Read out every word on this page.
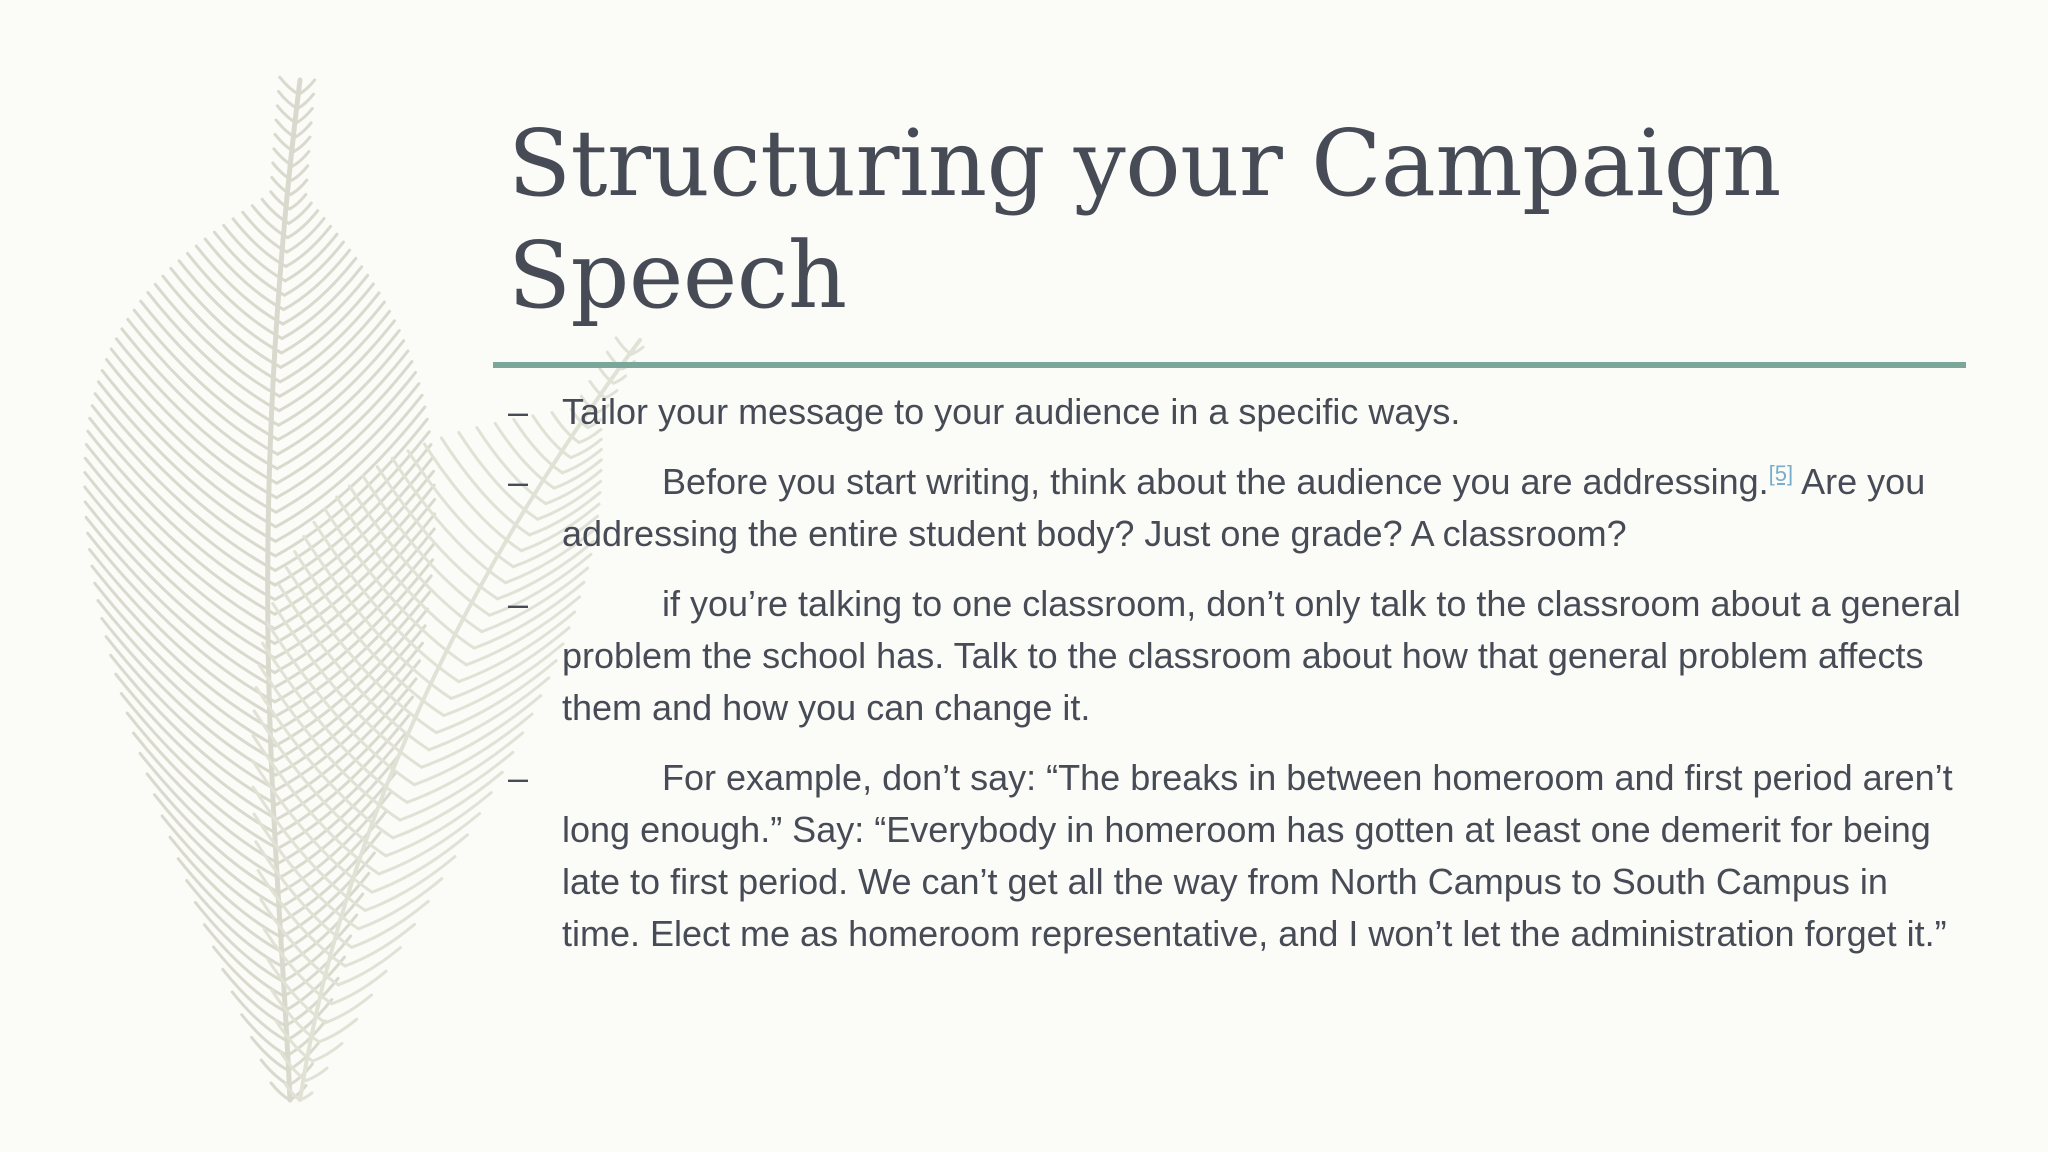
Structuring your Campaign Speech
– Tailor your message to your audience in a specific ways.
–	Before you start writing, think about the audience you are addressing.[5] Are you addressing the entire student body? Just one grade? A classroom?
–	if you’re talking to one classroom, don’t only talk to the classroom about a general problem the school has. Talk to the classroom about how that general problem affects them and how you can change it.
–	For example, don’t say: “The breaks in between homeroom and first period aren’t long enough.” Say: “Everybody in homeroom has gotten at least one demerit for being late to first period. We can’t get all the way from North Campus to South Campus in time. Elect me as homeroom representative, and I won’t let the administration forget it.”
